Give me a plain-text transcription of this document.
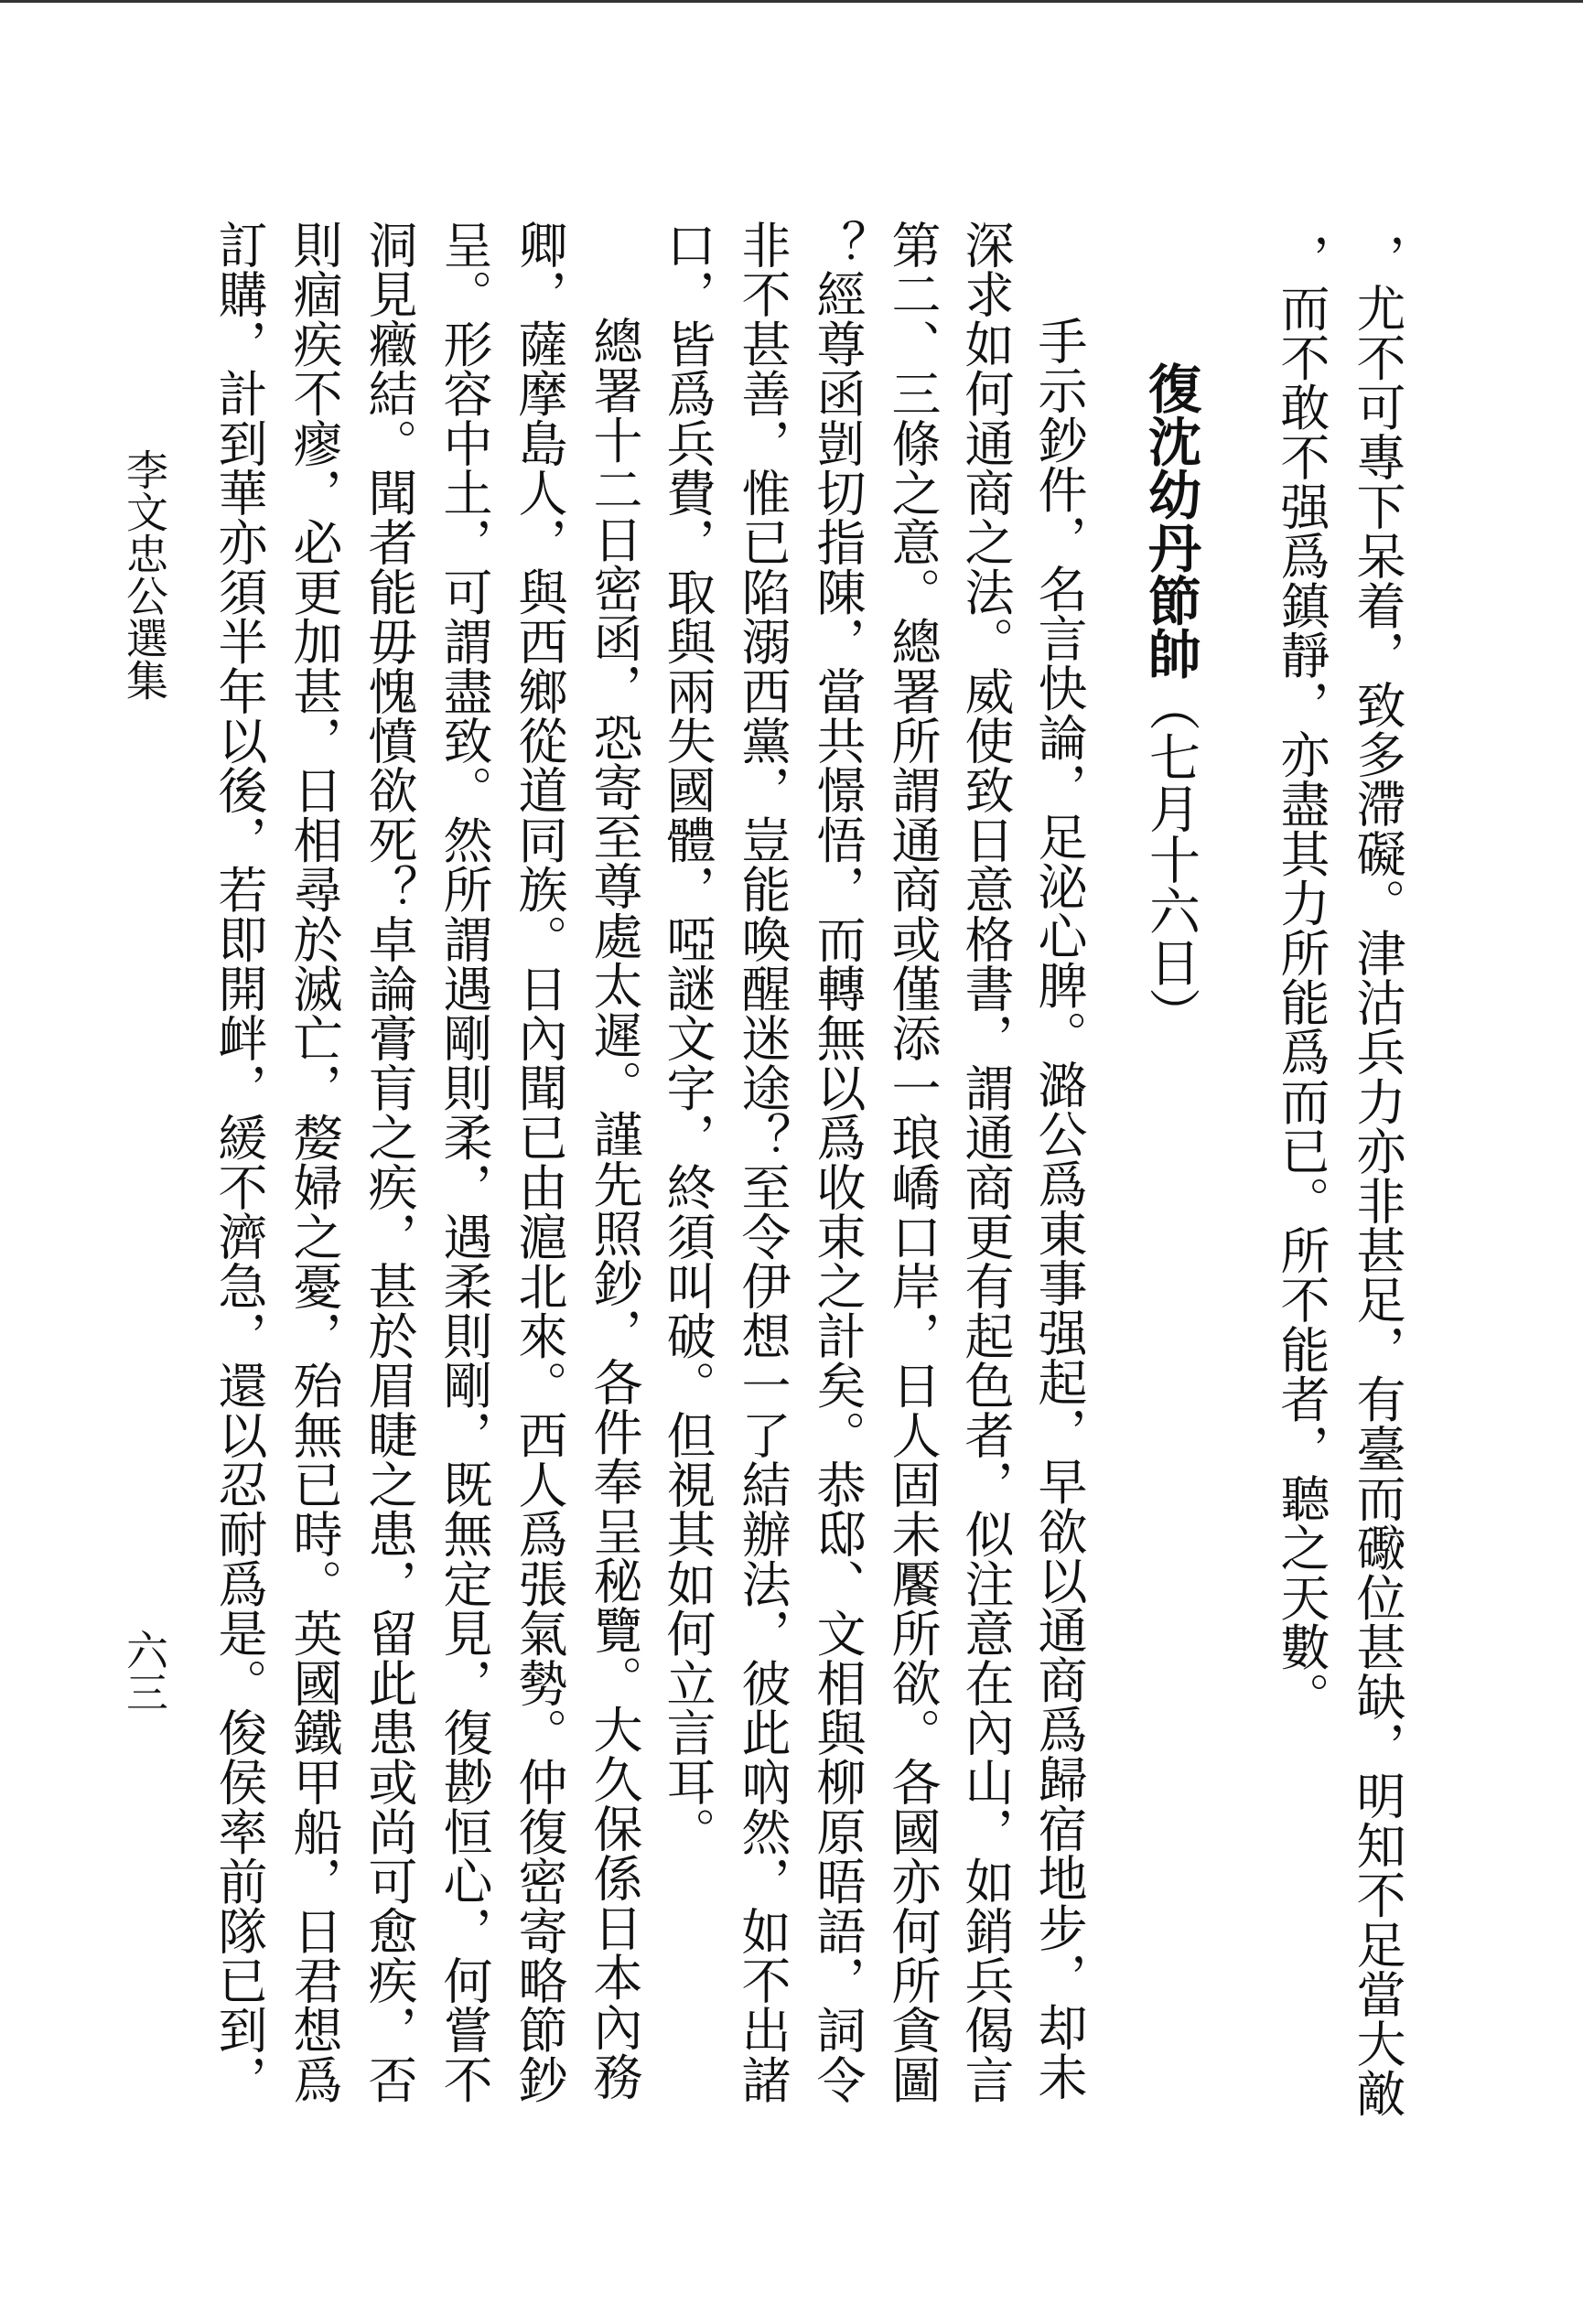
，尤不可專下呆着，致多滯礙。津沽兵力亦非甚足，有臺而礮位甚缺，明知不足當大敵
，而不敢不强爲鎮靜，亦盡其力所能爲而已。所不能者，聽之天數。
復沈幼丹節帥（七月十六日）
手示鈔件，名言快論，足泌心脾。潞公爲東事强起，早欲以通商爲歸宿地步，却未
深求如何通商之法。威使致日意格書，謂通商更有起色者，似注意在內山，如銷兵偈言
第二、三條之意。總署所謂通商或僅添一琅嶠口岸，日人固未饜所欲。各國亦何所貪圖
？經尊函剴切指陳，當共憬悟，而轉無以爲收束之計矣。恭邸、文相與柳原晤語，詞令
非不甚善，惟已陷溺西黨，豈能喚醒迷途？至令伊想一了結辦法，彼此吶然，如不出諸
口，皆爲兵費，取與兩失國體，啞謎文字，終須叫破。但視其如何立言耳。
總署十二日密函，恐寄至尊處太遲。謹先照鈔，各件奉呈秘覽。大久保係日本內務
卿，薩摩島人，與西鄉從道同族。日內聞已由滬北來。西人爲張氣勢。仲復密寄略節鈔
呈。形容中土，可謂盡致。然所謂遇剛則柔，遇柔則剛，既無定見，復尠恒心，何嘗不
洞見癥結。聞者能毋愧憤欲死？卓論膏肓之疾，甚於眉睫之患，留此患或尚可愈疾，否
則痼疾不瘳，必更加甚，日相尋於滅亡，嫠婦之憂，殆無已時。英國鐵甲船，日君想爲
訂購，計到華亦須半年以後，若即開衅，緩不濟急，還以忍耐爲是。俊侯率前隊已到，
李文忠公選集
六三
